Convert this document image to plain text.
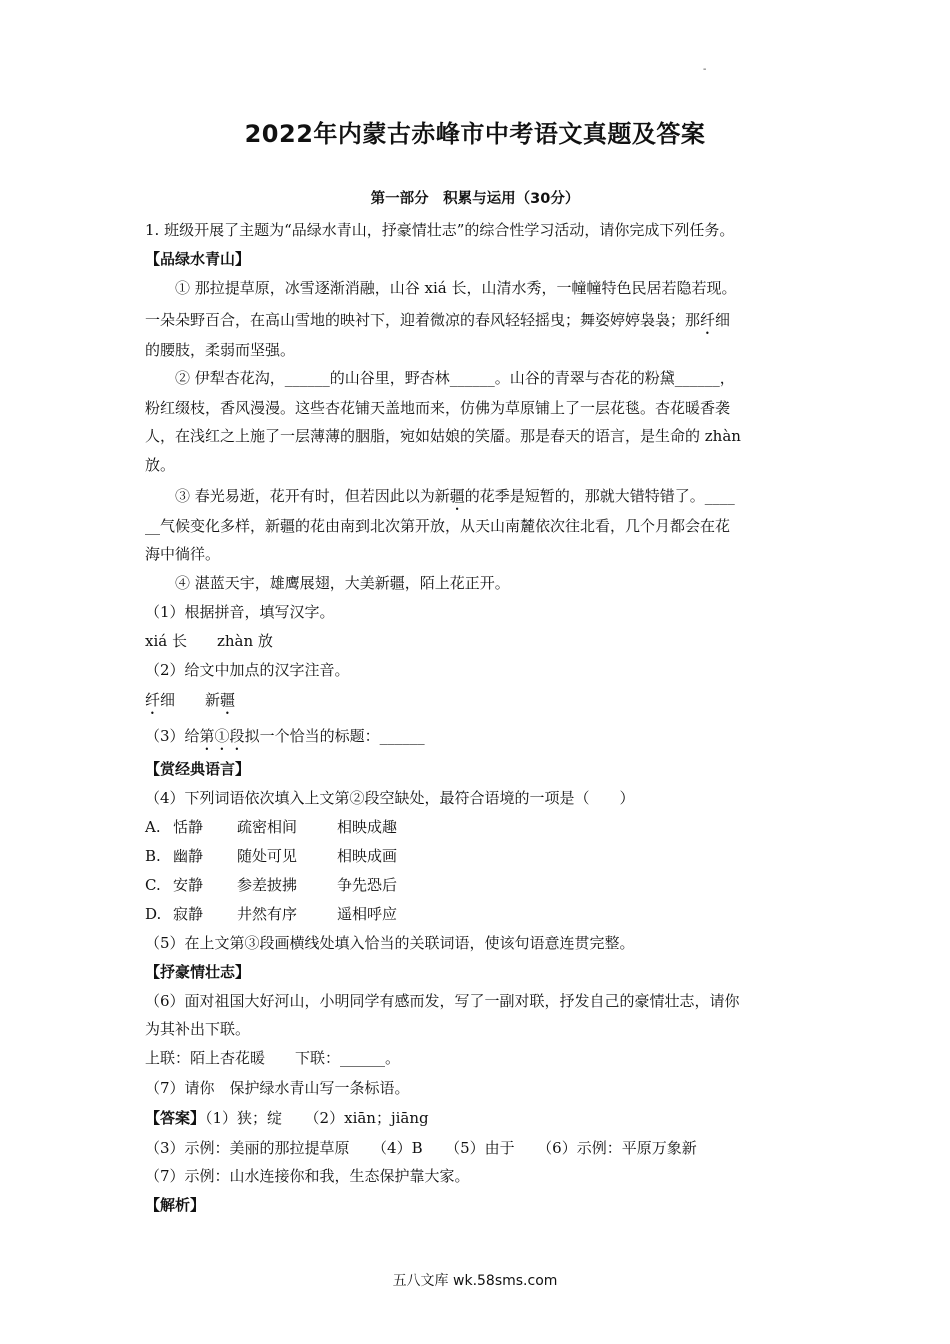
-
2022年内蒙古赤峰市中考语文真题及答案
第一部分　积累与运用（30分）
1. 班级开展了主题为“品绿水青山，抒豪情壮志”的综合性学习活动，请你完成下列任务。
【品绿水青山】
① 那拉提草原，冰雪逐渐消融，山谷 xiá 长，山清水秀，一幢幢特色民居若隐若现。
一朵朵野百合，在高山雪地的映衬下，迎着微凉的春风轻轻摇曳；舞姿婷婷袅袅；那纤细
的腰肢，柔弱而坚强。
② 伊犁杏花沟，______的山谷里，野杏林______。山谷的青翠与杏花的粉黛______，
粉红缀枝，香风漫漫。这些杏花铺天盖地而来，仿佛为草原铺上了一层花毯。杏花暖香袭
人，在浅红之上施了一层薄薄的胭脂，宛如姑娘的笑靥。那是春天的语言，是生命的 zhàn
放。
③ 春光易逝，花开有时，但若因此以为新疆的花季是短暂的，那就大错特错了。____
__气候变化多样，新疆的花由南到北次第开放，从天山南麓依次往北看，几个月都会在花
海中徜徉。
④ 湛蓝天宇，雄鹰展翅，大美新疆，陌上花正开。
（1）根据拼音，填写汉字。
xiá 长　　zhàn 放
（2）给文中加点的汉字注音。
纤细　　新疆
（3）给第①段拟一个恰当的标题：______
【赏经典语言】
（4）下列词语依次填入上文第②段空缺处，最符合语境的一项是（　　）
A. 恬静 疏密相间	相映成趣
B. 幽静 随处可见	相映成画
C. 安静 参差披拂	争先恐后
D. 寂静 井然有序	遥相呼应
（5）在上文第③段画横线处填入恰当的关联词语，使该句语意连贯完整。
【抒豪情壮志】
（6）面对祖国大好河山，小明同学有感而发，写了一副对联，抒发自己的豪情壮志，请你
为其补出下联。
上联：陌上杏花暖　　下联：______。
（7）请你　保护绿水青山写一条标语。
【答案】（1）狭；绽　　（2）xiān；jiāng
（3）示例：美丽的那拉提草原　　（4）B　　（5）由于　　（6）示例：平原万象新
（7）示例：山水连接你和我，生态保护靠大家。
【解析】
五八文库 wk.58sms.com
